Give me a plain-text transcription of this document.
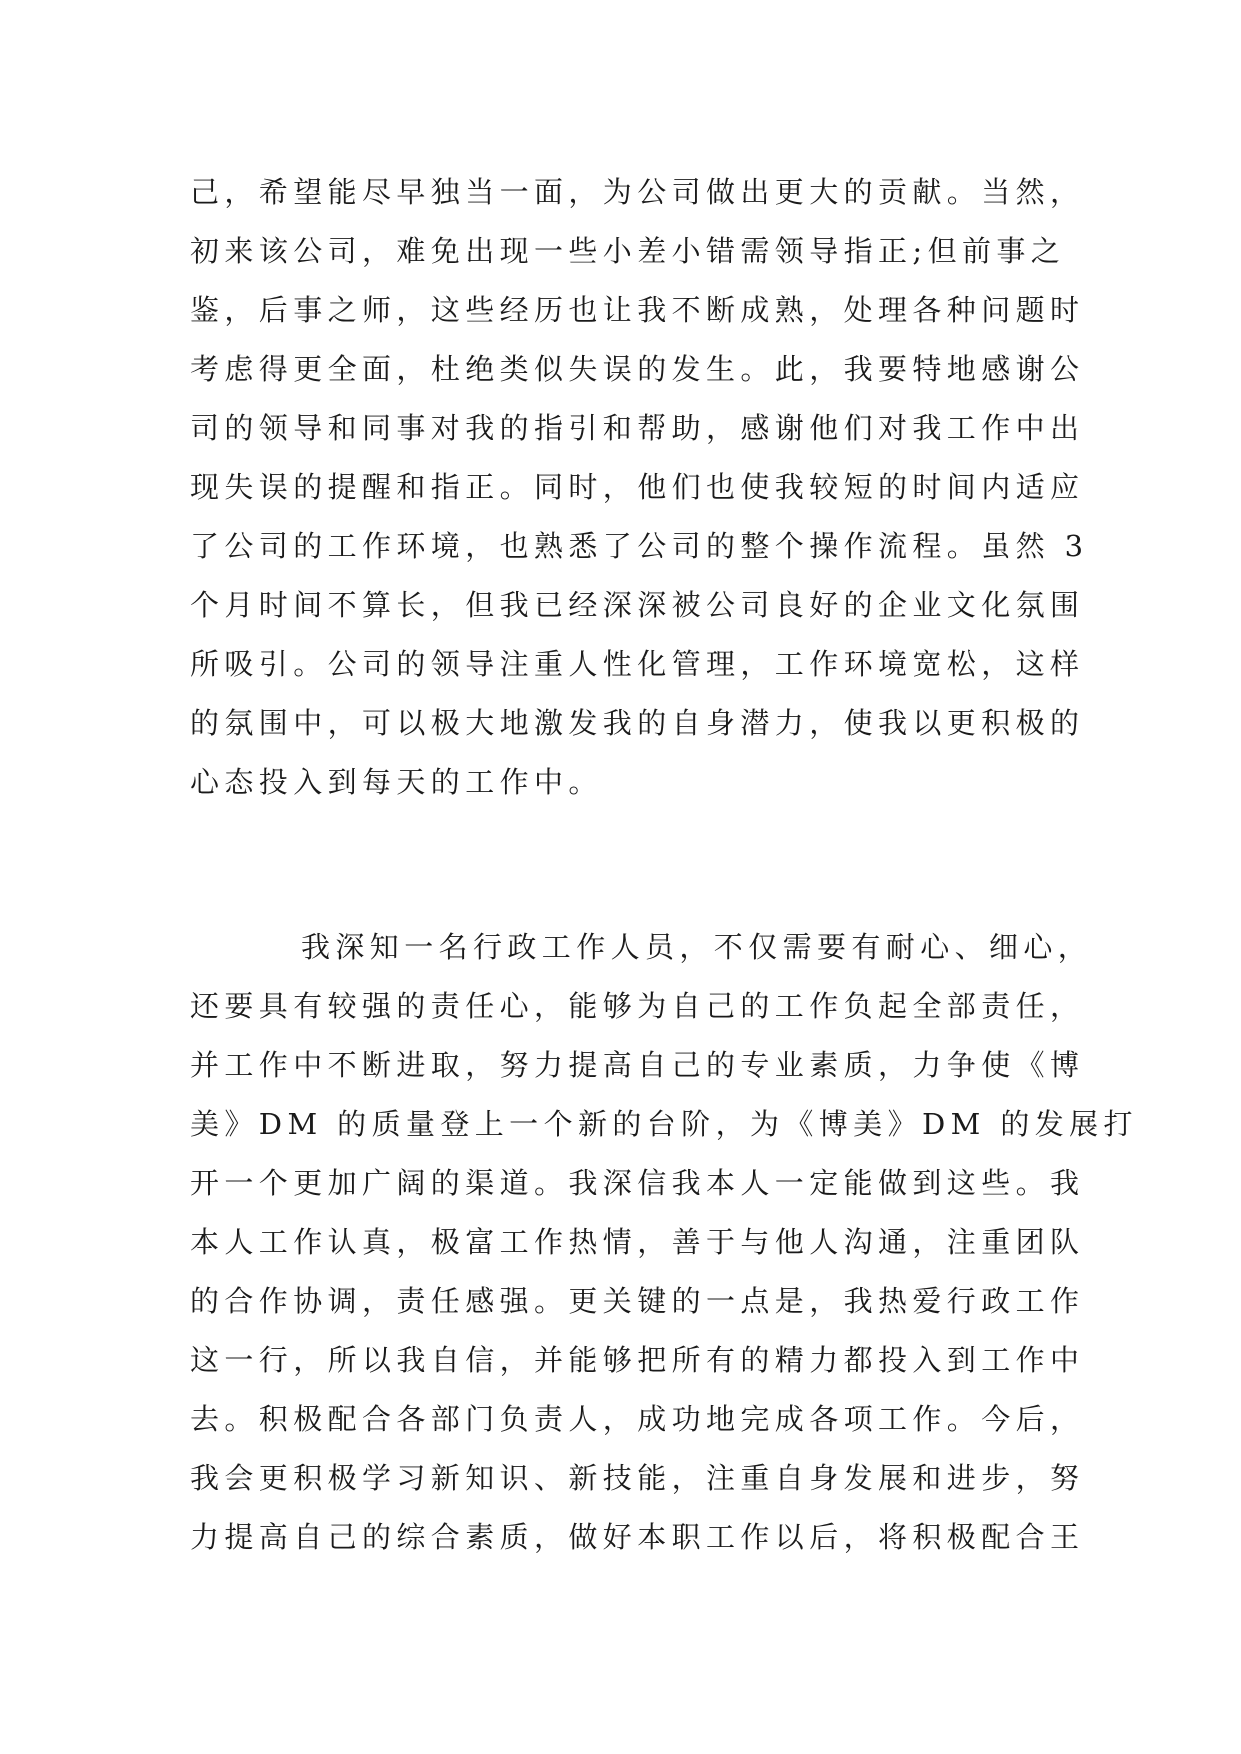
己，希望能尽早独当一面，为公司做出更大的贡献。当然，
初来该公司，难免出现一些小差小错需领导指正;但前事之
鉴，后事之师，这些经历也让我不断成熟，处理各种问题时
考虑得更全面，杜绝类似失误的发生。此，我要特地感谢公
司的领导和同事对我的指引和帮助，感谢他们对我工作中出
现失误的提醒和指正。同时，他们也使我较短的时间内适应
了公司的工作环境，也熟悉了公司的整个操作流程。虽然 3
个月时间不算长，但我已经深深被公司良好的企业文化氛围
所吸引。公司的领导注重人性化管理，工作环境宽松，这样
的氛围中，可以极大地激发我的自身潜力，使我以更积极的
心态投入到每天的工作中。
我深知一名行政工作人员，不仅需要有耐心、细心，
还要具有较强的责任心，能够为自己的工作负起全部责任，
并工作中不断进取，努力提高自己的专业素质，力争使《博
美》DM 的质量登上一个新的台阶，为《博美》DM 的发展打
开一个更加广阔的渠道。我深信我本人一定能做到这些。我
本人工作认真，极富工作热情，善于与他人沟通，注重团队
的合作协调，责任感强。更关键的一点是，我热爱行政工作
这一行，所以我自信，并能够把所有的精力都投入到工作中
去。积极配合各部门负责人，成功地完成各项工作。今后，
我会更积极学习新知识、新技能，注重自身发展和进步，努
力提高自己的综合素质，做好本职工作以后，将积极配合王
